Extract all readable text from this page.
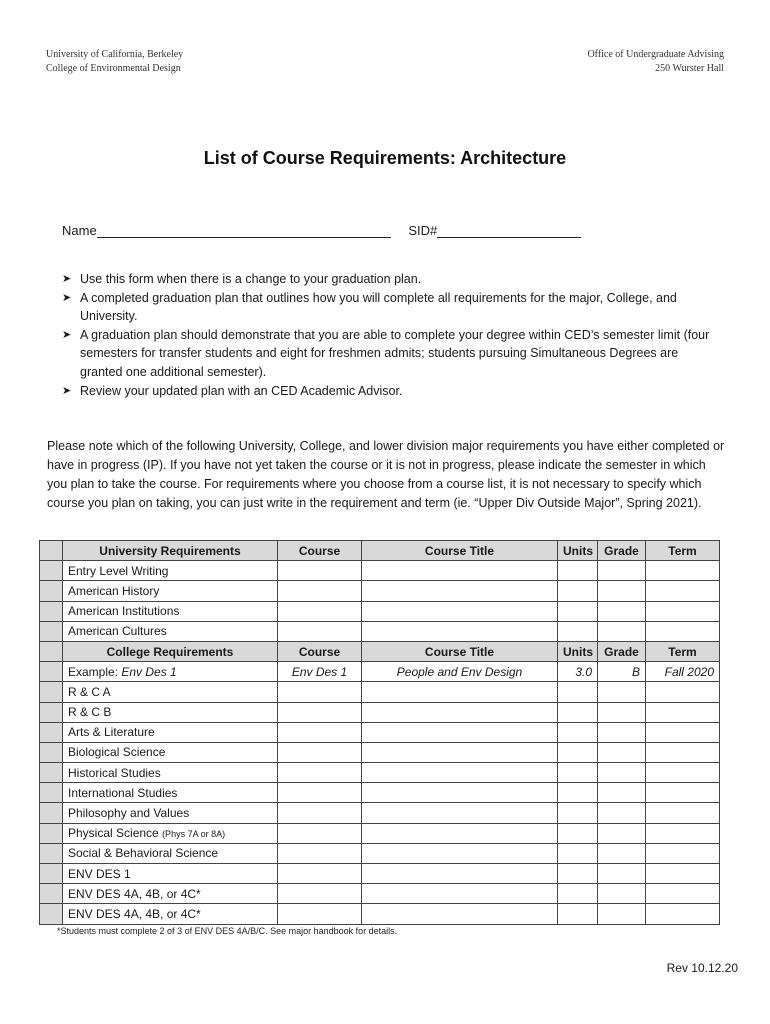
University of California, Berkeley
College of Environmental Design
Office of Undergraduate Advising
250 Wurster Hall
List of Course Requirements: Architecture
Name	SID#
➤ Use this form when there is a change to your graduation plan.
➤ A completed graduation plan that outlines how you will complete all requirements for the major, College, and University.
➤ A graduation plan should demonstrate that you are able to complete your degree within CED’s semester limit (four semesters for transfer students and eight for freshmen admits; students pursuing Simultaneous Degrees are granted one additional semester).
➤ Review your updated plan with an CED Academic Advisor.
Please note which of the following University, College, and lower division major requirements you have either completed or have in progress (IP). If you have not yet taken the course or it is not in progress, please indicate the semester in which you plan to take the course. For requirements where you choose from a course list, it is not necessary to specify which course you plan on taking, you can just write in the requirement and term (ie. “Upper Div Outside Major”, Spring 2021).
	University Requirements	Course	Course Title	Units	Grade	Term
	Entry Level Writing					
	American History					
	American Institutions					
	American Cultures					
	College Requirements	Course	Course Title	Units	Grade	Term
	Example: Env Des 1	Env Des 1	People and Env Design	3.0	B	Fall 2020
	R & C A					
	R & C B					
	Arts & Literature					
	Biological Science					
	Historical Studies					
	International Studies					
	Philosophy and Values					
	Physical Science (Phys 7A or 8A)					
	Social & Behavioral Science					
	ENV DES 1					
	ENV DES 4A, 4B, or 4C*					
	ENV DES 4A, 4B, or 4C*					
*Students must complete 2 of 3 of ENV DES 4A/B/C. See major handbook for details.
Rev 10.12.20
